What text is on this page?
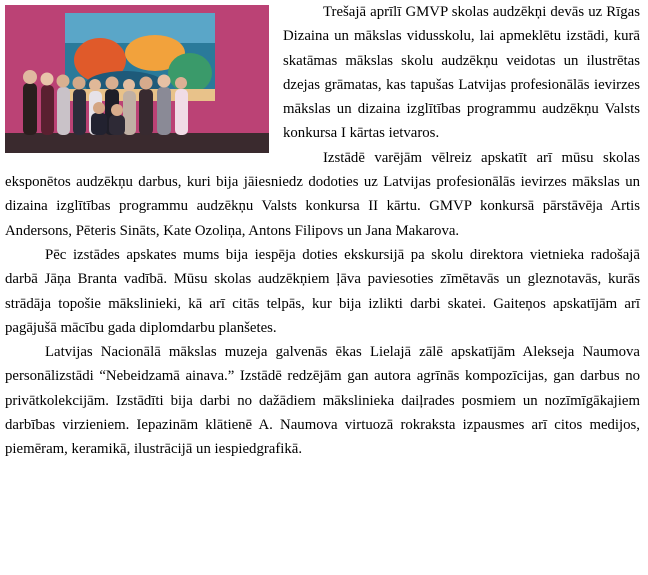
Trešajā aprīlī GMVP skolas audzēkņi devās uz Rīgas Dizaina un mākslas vidusskolu, lai apmeklētu izstādi, kurā skatāmas mākslas skolu audzēkņu veidotas un ilustrētas dzejas grāmatas, kas tapušas Latvijas profesionālās ievirzes mākslas un dizaina izglītības programmu audzēkņu Valsts konkursa I kārtas ietvaros.

Izstādē varējām vēlreiz apskatīt arī mūsu skolas eksponētos audzēkņu darbus, kuri bija jāiesniedz dodoties uz Latvijas profesionālās ievirzes mākslas un dizaina izglītības programmu audzēkņu Valsts konkursa II kārtu. GMVP konkursā pārstāvēja Artis Andersons, Pēteris Sināts, Kate Ozoliņa, Antons Filipovs un Jana Makarova.

Pēc izstādes apskates mums bija iespēja doties ekskursijā pa skolu direktora vietnieka radošajā darbā Jāņa Branta vadībā. Mūsu skolas audzēkņiem ļāva paviesoties zīmētavās un gleznotavās, kurās strādāja topošie mākslinieki, kā arī citās telpās, kur bija izlikti darbi skatei. Gaiteņos apskatījām arī pagājušā mācību gada diplomdarbu planšetes.

Latvijas Nacionālā mākslas muzeja galvenās ēkas Lielajā zālē apskatījām Alekseja Naumova personālizstādi “Nebeidzamā ainava.” Izstādē redzējām gan autora agrīnās kompozīcijas, gan darbus no privātkolekcijām. Izstādīti bija darbi no dažādiem mākslinieka daiļrades posmiem un nozīmīgākajiem darbības virzieniem. Iepazinām klātienē A. Naumova virtuozā rokraksta izpausmes arī citos medijos, piemēram, keramikā, ilustrācijā un iespiedgrafikā.
